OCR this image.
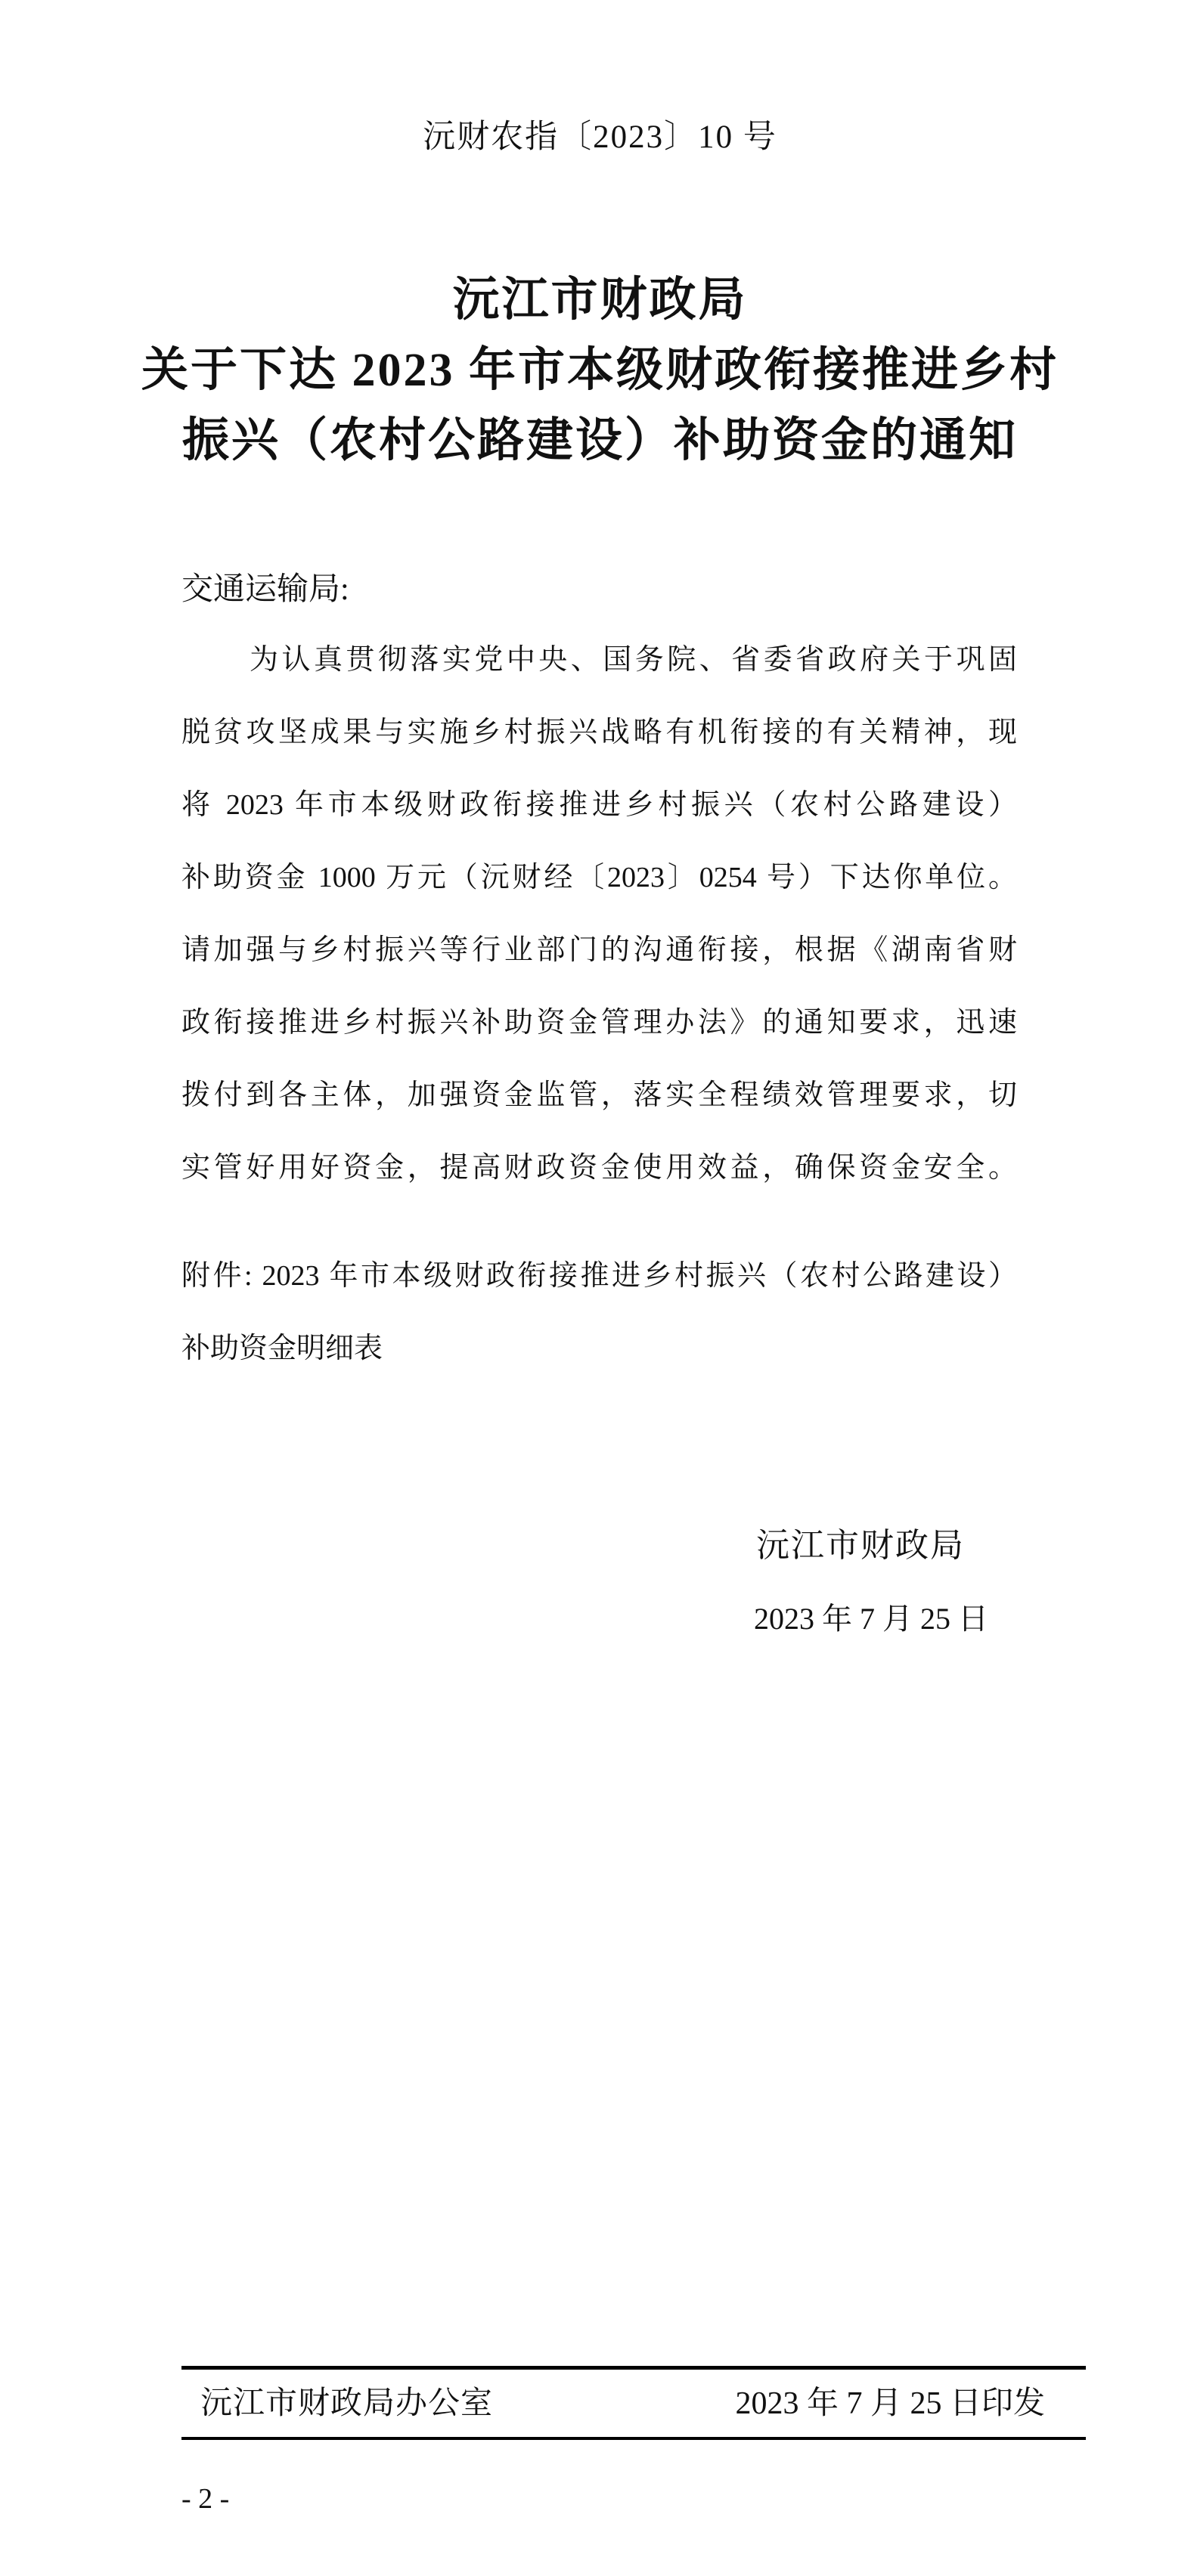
沅财农指〔2023〕10 号
沅江市财政局
关于下达 2023 年市本级财政衔接推进乡村
振兴（农村公路建设）补助资金的通知
交通运输局:
为认真贯彻落实党中央、国务院、省委省政府关于巩固
脱贫攻坚成果与实施乡村振兴战略有机衔接的有关精神，现
将 2023 年市本级财政衔接推进乡村振兴（农村公路建设）
补助资金 1000 万元（沅财经〔2023〕0254 号）下达你单位。
请加强与乡村振兴等行业部门的沟通衔接，根据《湖南省财
政衔接推进乡村振兴补助资金管理办法》的通知要求，迅速
拨付到各主体，加强资金监管，落实全程绩效管理要求，切
实管好用好资金，提高财政资金使用效益，确保资金安全。
附件: 2023 年市本级财政衔接推进乡村振兴（农村公路建设）
补助资金明细表
沅江市财政局
2023 年 7 月 25 日
沅江市财政局办公室	2023 年 7 月 25 日印发
- 2 -
